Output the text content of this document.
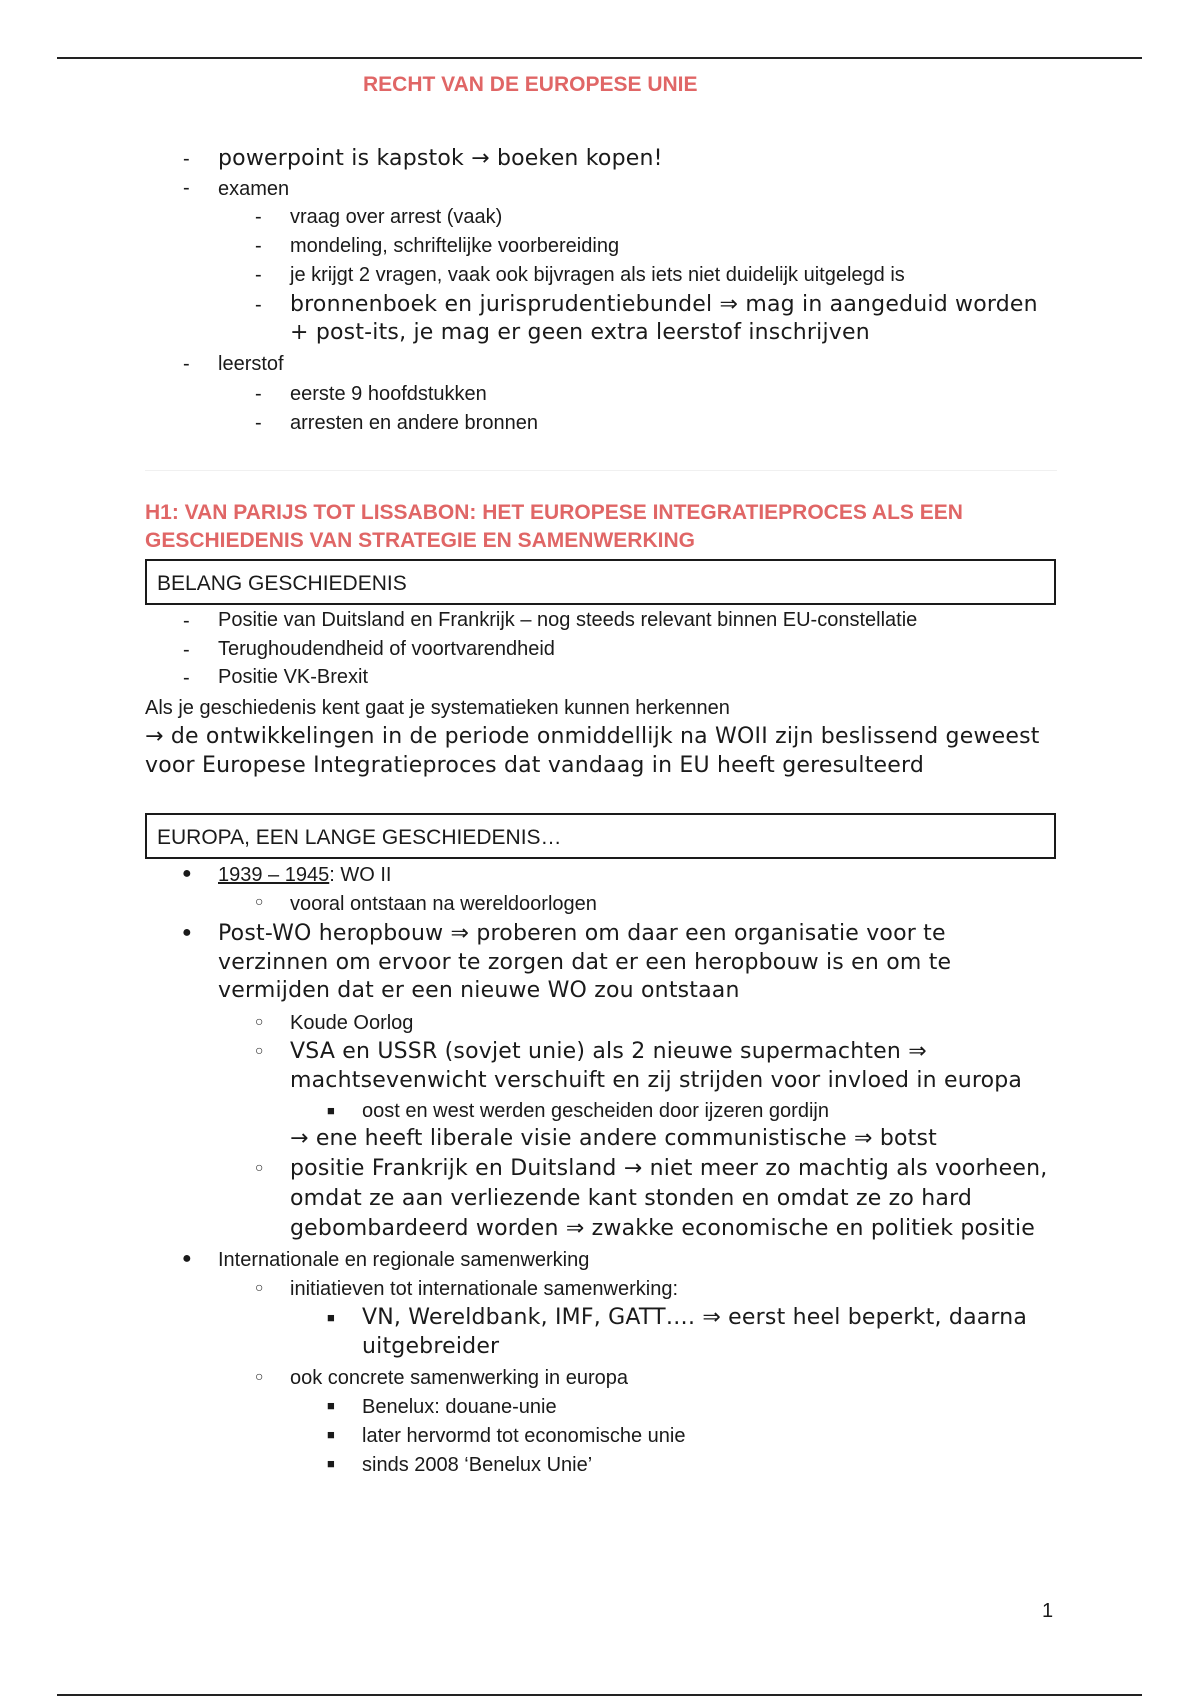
RECHT VAN DE EUROPESE UNIE
- powerpoint is kapstok → boeken kopen!
- examen
- vraag over arrest (vaak)
- mondeling, schriftelijke voorbereiding
- je krijgt 2 vragen, vaak ook bijvragen als iets niet duidelijk uitgelegd is
- bronnenboek en jurisprudentiebundel ⇒ mag in aangeduid worden
+ post-its, je mag er geen extra leerstof inschrijven
- leerstof
- eerste 9 hoofdstukken
- arresten en andere bronnen
H1: VAN PARIJS TOT LISSABON: HET EUROPESE INTEGRATIEPROCES ALS EEN
GESCHIEDENIS VAN STRATEGIE EN SAMENWERKING
BELANG GESCHIEDENIS
- Positie van Duitsland en Frankrijk – nog steeds relevant binnen EU-constellatie
- Terughoudendheid of voortvarendheid
- Positie VK-Brexit
Als je geschiedenis kent gaat je systematieken kunnen herkennen
→ de ontwikkelingen in de periode onmiddellijk na WOII zijn beslissend geweest
voor Europese Integratieproces dat vandaag in EU heeft geresulteerd
EUROPA, EEN LANGE GESCHIEDENIS…
● 1939 – 1945: WO II
○ vooral ontstaan na wereldoorlogen
● Post-WO heropbouw ⇒ proberen om daar een organisatie voor te
verzinnen om ervoor te zorgen dat er een heropbouw is en om te
vermijden dat er een nieuwe WO zou ontstaan
○ Koude Oorlog
○ VSA en USSR (sovjet unie) als 2 nieuwe supermachten ⇒
machtsevenwicht verschuift en zij strijden voor invloed in europa
■ oost en west werden gescheiden door ijzeren gordijn
→ ene heeft liberale visie andere communistische ⇒ botst
○ positie Frankrijk en Duitsland → niet meer zo machtig als voorheen,
omdat ze aan verliezende kant stonden en omdat ze zo hard
gebombardeerd worden ⇒ zwakke economische en politiek positie
● Internationale en regionale samenwerking
○ initiatieven tot internationale samenwerking:
■ VN, Wereldbank, IMF, GATT…. ⇒ eerst heel beperkt, daarna
uitgebreider
○ ook concrete samenwerking in europa
■ Benelux: douane-unie
■ later hervormd tot economische unie
■ sinds 2008 ‘Benelux Unie’
1
